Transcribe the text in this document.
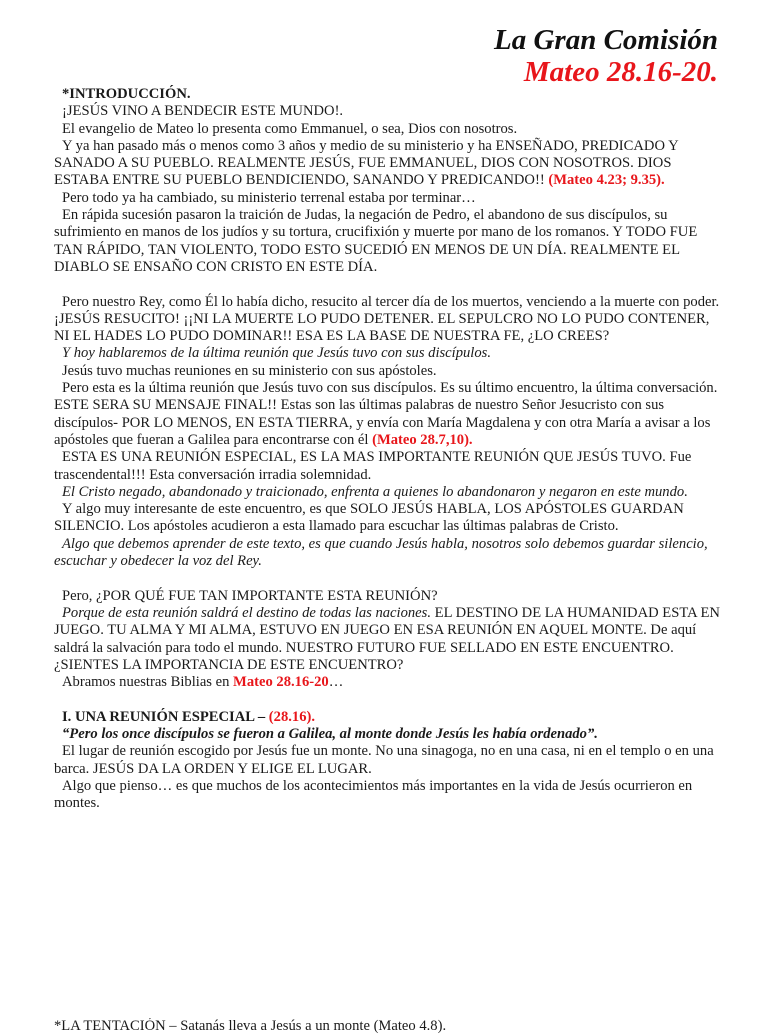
La Gran Comisión
Mateo 28.16-20.

*INTRODUCCIÓN.

¡JESÚS VINO A BENDECIR ESTE MUNDO!.

El evangelio de Mateo lo presenta como Emmanuel, o sea, Dios con nosotros.

Y ya han pasado más o menos como 3 años y medio de su ministerio y ha ENSEÑADO, PREDICADO Y SANADO A SU PUEBLO. REALMENTE JESÚS, FUE EMMANUEL, DIOS CON NOSOTROS. DIOS ESTABA ENTRE SU PUEBLO BENDICIENDO, SANANDO Y PREDICANDO!! (Mateo 4.23; 9.35).

Pero todo ya ha cambiado, su ministerio terrenal estaba por terminar…

En rápida sucesión pasaron la traición de Judas, la negación de Pedro, el abandono de sus discípulos, su sufrimiento en manos de los judíos y su tortura, crucifixión y muerte por mano de los romanos. Y TODO FUE TAN RÁPIDO, TAN VIOLENTO, TODO ESTO SUCEDIÓ EN MENOS DE UN DÍA. REALMENTE EL DIABLO SE ENSAÑO CON CRISTO EN ESTE DÍA.

Pero nuestro Rey, como Él lo había dicho, resucito al tercer día de los muertos, venciendo a la muerte con poder. ¡JESÚS RESUCITO! ¡¡NI LA MUERTE LO PUDO DETENER. EL SEPULCRO NO LO PUDO CONTENER, NI EL HADES LO PUDO DOMINAR!! ESA ES LA BASE DE NUESTRA FE, ¿LO CREES?

Y hoy hablaremos de la última reunión que Jesús tuvo con sus discípulos.

Jesús tuvo muchas reuniones en su ministerio con sus apóstoles.

Pero esta es la última reunión que Jesús tuvo con sus discípulos. Es su último encuentro, la última conversación. ESTE SERA SU MENSAJE FINAL!! Estas son las últimas palabras de nuestro Señor Jesucristo con sus discípulos- POR LO MENOS, EN ESTA TIERRA, y envía con María Magdalena y con otra María a avisar a los apóstoles que fueran a Galilea para encontrarse con él (Mateo 28.7,10).

ESTA ES UNA REUNIÓN ESPECIAL, ES LA MAS IMPORTANTE REUNIÓN QUE JESÚS TUVO. Fue trascendental!!! Esta conversación irradia solemnidad.

El Cristo negado, abandonado y traicionado, enfrenta a quienes lo abandonaron y negaron en este mundo.

Y algo muy interesante de este encuentro, es que SOLO JESÚS HABLA, LOS APÓSTOLES GUARDAN SILENCIO. Los apóstoles acudieron a esta llamado para escuchar las últimas palabras de Cristo.

Algo que debemos aprender de este texto, es que cuando Jesús habla, nosotros solo debemos guardar silencio, escuchar y obedecer la voz del Rey.

Pero, ¿POR QUÉ FUE TAN IMPORTANTE ESTA REUNIÓN?

Porque de esta reunión saldrá el destino de todas las naciones. EL DESTINO DE LA HUMANIDAD ESTA EN JUEGO. TU ALMA Y MI ALMA, ESTUVO EN JUEGO EN ESA REUNIÓN EN AQUEL MONTE. De aquí saldrá la salvación para todo el mundo. NUESTRO FUTURO FUE SELLADO EN ESTE ENCUENTRO. ¿SIENTES LA IMPORTANCIA DE ESTE ENCUENTRO?

Abramos nuestras Biblias en Mateo 28.16-20…

I. UNA REUNIÓN ESPECIAL – (28.16).

“Pero los once discípulos se fueron a Galilea, al monte donde Jesús les había ordenado”.

El lugar de reunión escogido por Jesús fue un monte. No una sinagoga, no en una casa, ni en el templo o en una barca. JESÚS DA LA ORDEN Y ELIGE EL LUGAR.

Algo que pienso… es que muchos de los acontecimientos más importantes en la vida de Jesús ocurrieron en montes.

*LA TENTACIÓN – Satanás lleva a Jesús a un monte (Mateo 4.8).
